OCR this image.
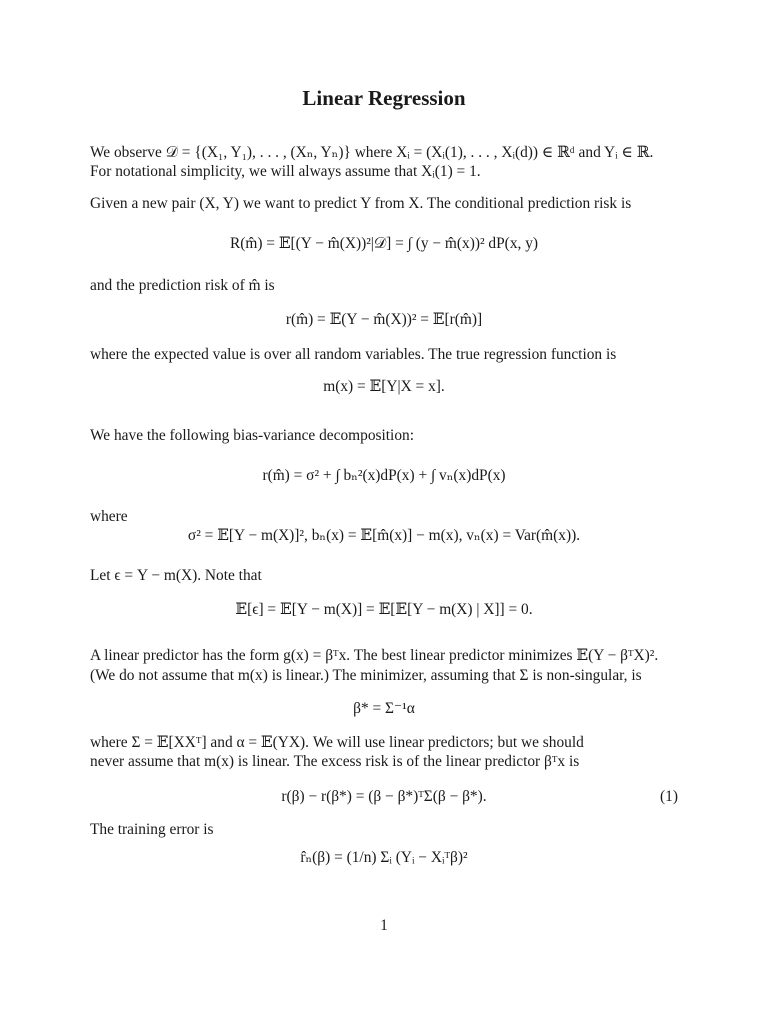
Linear Regression
We observe 𝒟 = {(X₁, Y₁), . . . , (Xₙ, Yₙ)} where Xᵢ = (Xᵢ(1), . . . , Xᵢ(d)) ∈ ℝᵈ and Yᵢ ∈ ℝ.
For notational simplicity, we will always assume that Xᵢ(1) = 1.
Given a new pair (X, Y) we want to predict Y from X. The conditional prediction risk is
R(m̂) = 𝔼[(Y − m̂(X))²|𝒟] = ∫ (y − m̂(x))² dP(x, y)
and the prediction risk of m̂ is
r(m̂) = 𝔼(Y − m̂(X))² = 𝔼[r(m̂)]
where the expected value is over all random variables. The true regression function is
m(x) = 𝔼[Y|X = x].
We have the following bias-variance decomposition:
r(m̂) = σ² + ∫ bₙ²(x)dP(x) + ∫ vₙ(x)dP(x)
where
σ² = 𝔼[Y − m(X)]², bₙ(x) = 𝔼[m̂(x)] − m(x), vₙ(x) = Var(m̂(x)).
Let ϵ = Y − m(X). Note that
𝔼[ϵ] = 𝔼[Y − m(X)] = 𝔼[𝔼[Y − m(X) | X]] = 0.
A linear predictor has the form g(x) = βᵀx. The best linear predictor minimizes 𝔼(Y − βᵀX)².
(We do not assume that m(x) is linear.) The minimizer, assuming that Σ is non-singular, is
β* = Σ⁻¹α
where Σ = 𝔼[XXᵀ] and α = 𝔼(YX). We will use linear predictors; but we should
never assume that m(x) is linear. The excess risk is of the linear predictor βᵀx is
r(β) − r(β*) = (β − β*)ᵀΣ(β − β*).	(1)
The training error is
r̂ₙ(β) = (1/n) Σᵢ (Yᵢ − Xᵢᵀβ)²
1
